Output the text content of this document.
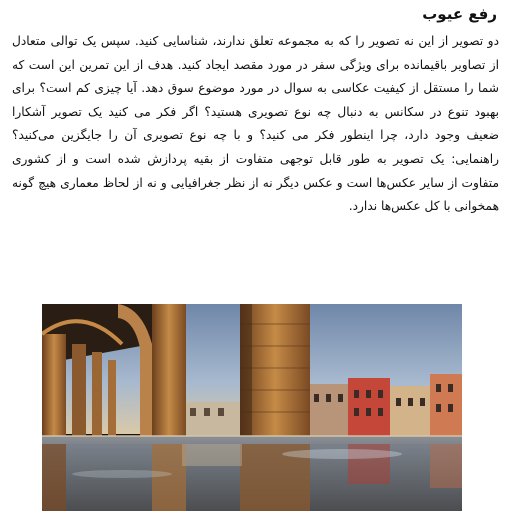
رفع عیوب
دو تصویر از این نه تصویر را که به مجموعه تعلق ندارند، شناسایی کنید. سپس یک توالی متعادل از تصاویر باقیمانده برای ویژگی سفر در مورد مقصد ایجاد کنید. هدف از این تمرین این است که شما را مستقل از کیفیت عکاسی به سوال در مورد موضوع سوق دهد. آیا چیزی کم است؟ برای بهبود تنوع در سکانس به دنبال چه نوع تصویری هستید؟ اگر فکر می کنید یک تصویر آشکارا ضعیف وجود دارد، چرا اینطور فکر می کنید؟ و با چه نوع تصویری آن را جایگزین می‌کنید؟ راهنمایی: یک تصویر به طور قابل توجهی متفاوت از بقیه پردازش شده است و از کشوری متفاوت از سایر عکس‌ها است و عکس دیگر نه از نظر جغرافیایی و نه از لحاظ معماری هیچ گونه همخوانی با کل عکس‌ها ندارد.
